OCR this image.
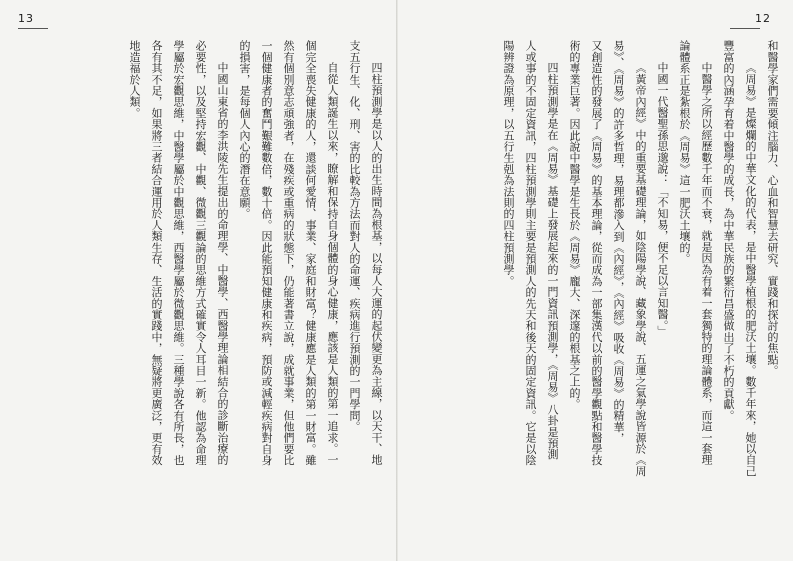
13	12
和醫學家們需要傾注腦力、心血和智慧去研究、實踐和探討的焦點。
《周易》是燦爛的中華文化的代表，是中醫學植根的肥沃土壤。數千年來，她以自己
豐富的內涵孕育着中醫學的成長，為中華民族的繁衍昌盛做出了不朽的貢獻。
中醫學之所以經歷數千年而不衰，就是因為有着一套獨特的理論體系，而這一套理
論體系正是紮根於《周易》這一肥沃土壤的。
中國一代醫聖孫思邈說：「不知易，便不足以言知醫。」
《黃帝內經》中的重要基礎理論，如陰陽學說、藏象學說、五運之氣學說皆源於《周
易》、《周易》的許多哲理，易理都滲入到《內經》，《內經》吸收《周易》的精華，
又創造性的發展了《周易》的基本理論，從而成為一部集漢代以前的醫學觀點和醫學技
術的專業巨著。因此說中醫學是生長於《周易》龐大、深邃的根基之上的。
四柱預測學是在《周易》基礎上發展起來的一門資訊預測學，《周易》八卦是預測
人或事的不固定資訊，四柱預測學則主要是預測人的先天和後天的固定資訊。它是以陰
陽辨證為原理，以五行生剋為法則的四柱預測學。
四柱預測學是以人的出生時間為根基，以每人大運的起伏變更為主線，以天干、地
支五行生、化、刑、害的比較為方法而對人的命運、疾病進行預測的一門學問。
自從人類誕生以來，瞭解和保持自身個體的身心健康，應該是人類的第一追求。一
個完全喪失健康的人，還談何愛情、事業、家庭和財富？健康應是人類的第一財富。雖
然有個別意志頑強者，在殘疾或重病的狀態下，仍能著書立說，成就事業，但他們要比
一個健康者的奮鬥艱難數倍，數十倍。因此能預知健康和疾病，預防或減輕疾病對自身
的損害，是每個人內心的潛在意願。
中國山東省的李洪陵先生提出的命理學、中醫學、西醫學理論相結合的診斷治療的
必要性，以及堅持宏觀、中觀、微觀三觀論的思維方式確實令人耳目一新。他認為命理
學屬於宏觀思維，中醫學屬於中觀思維，西醫學屬於微觀思維。三種學說各有所長，也
各有其不足，如果將三者結合運用於人類生存、生活的實踐中，無疑將更廣泛，更有效
地造福於人類。
